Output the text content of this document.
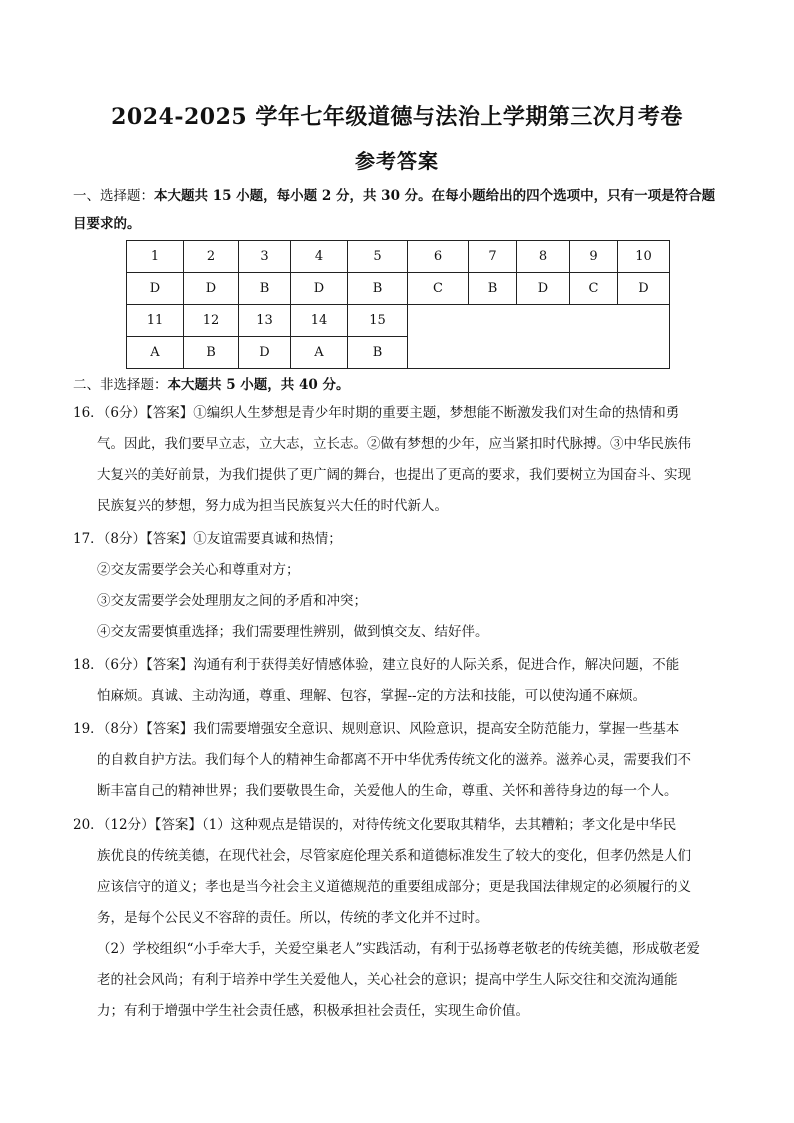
2024-2025 学年七年级道德与法治上学期第三次月考卷
参考答案
一、选择题：本大题共 15 小题，每小题 2 分，共 30 分。在每小题给出的四个选项中，只有一项是符合题
目要求的。
1	2	3	4	5	6	7	8	9	10
D	D	B	D	B	C	B	D	C	D
11	12	13	14	15					
A	B	D	A	B					
二、非选择题：本大题共 5 小题，共 40 分。
16．（6分）【答案】①编织人生梦想是青少年时期的重要主题，梦想能不断激发我们对生命的热情和勇
气。因此，我们要早立志，立大志，立长志。②做有梦想的少年，应当紧扣时代脉搏。③中华民族伟
大复兴的美好前景，为我们提供了更广阔的舞台，也提出了更高的要求，我们要树立为国奋斗、实现
民族复兴的梦想，努力成为担当民族复兴大任的时代新人。
17．（8分）【答案】①友谊需要真诚和热情；
②交友需要学会关心和尊重对方；
③交友需要学会处理朋友之间的矛盾和冲突；
④交友需要慎重选择；我们需要理性辨别，做到慎交友、结好伴。
18．（6分）【答案】沟通有利于获得美好情感体验，建立良好的人际关系，促进合作，解决问题，不能
怕麻烦。真诚、主动沟通，尊重、理解、包容，掌握--定的方法和技能，可以使沟通不麻烦。
19．（8分）【答案】我们需要增强安全意识、规则意识、风险意识，提高安全防范能力，掌握一些基本
的自救自护方法。我们每个人的精神生命都离不开中华优秀传统文化的滋养。滋养心灵，需要我们不
断丰富自己的精神世界；我们要敬畏生命，关爱他人的生命，尊重、关怀和善待身边的每一个人。
20．（12分）【答案】（1）这种观点是错误的，对待传统文化要取其精华，去其糟粕；孝文化是中华民
族优良的传统美德，在现代社会，尽管家庭伦理关系和道德标准发生了较大的变化，但孝仍然是人们
应该信守的道义；孝也是当今社会主义道德规范的重要组成部分；更是我国法律规定的必须履行的义
务，是每个公民义不容辞的责任。所以，传统的孝文化并不过时。
（2）学校组织“小手牵大手，关爱空巢老人”实践活动，有利于弘扬尊老敬老的传统美德，形成敬老爱
老的社会风尚；有利于培养中学生关爱他人，关心社会的意识；提高中学生人际交往和交流沟通能
力；有利于增强中学生社会责任感，积极承担社会责任，实现生命价值。
